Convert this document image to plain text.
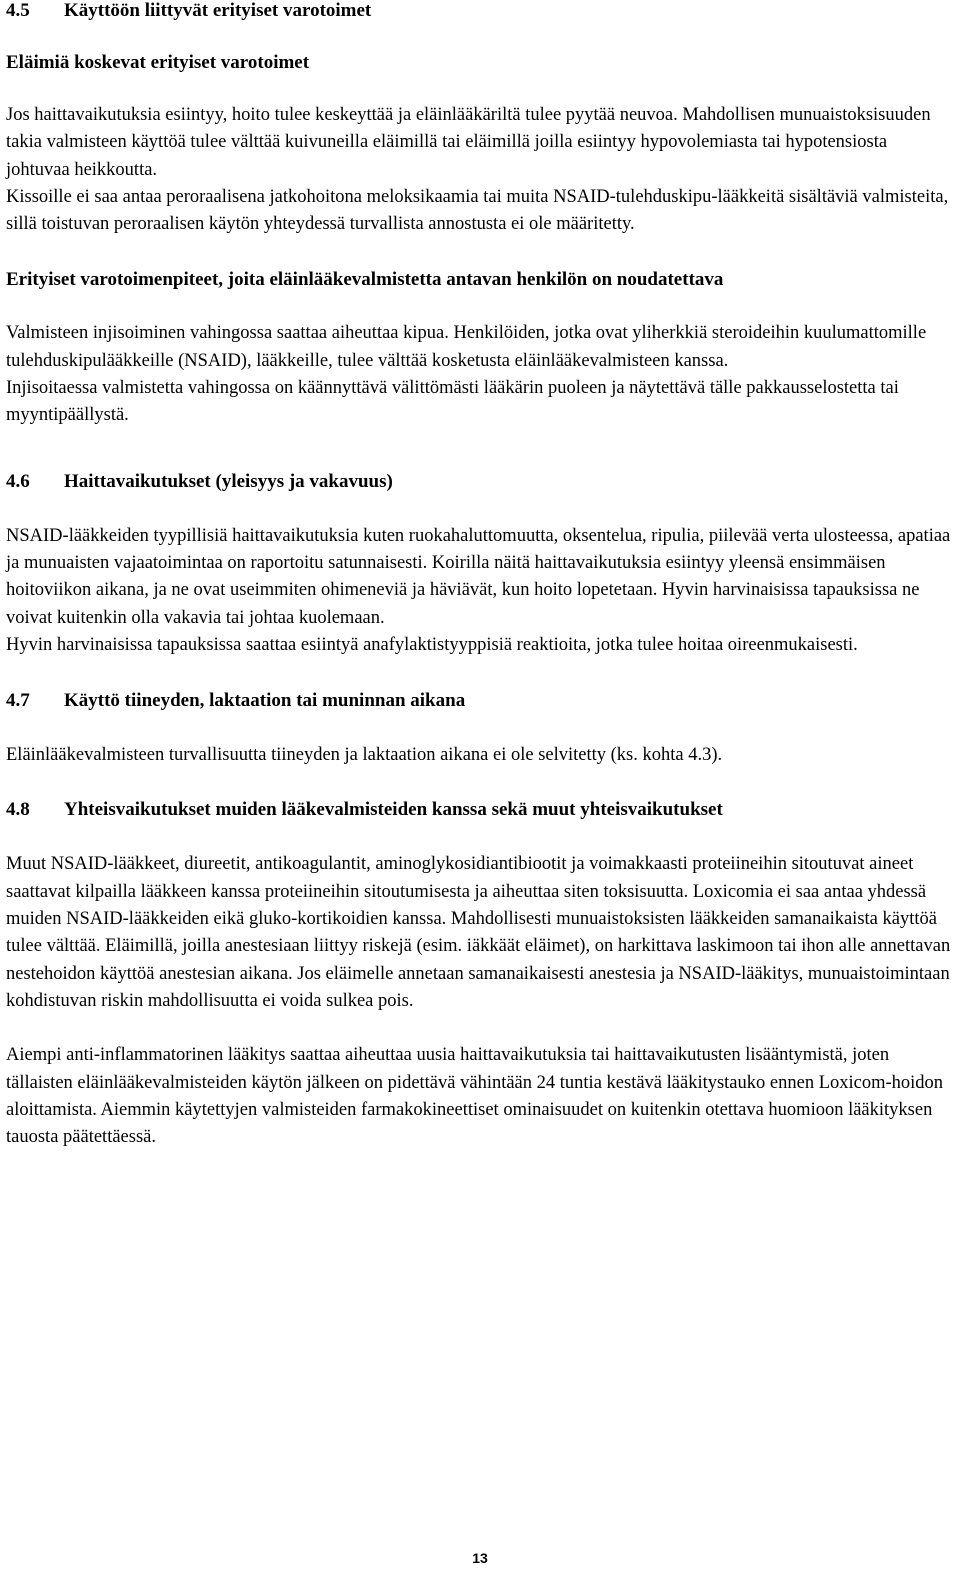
4.5 Käyttöön liittyvät erityiset varotoimet
Eläimiä koskevat erityiset varotoimet

Jos haittavaikutuksia esiintyy, hoito tulee keskeyttää ja eläinlääkäriltä tulee pyytää neuvoa. Mahdollisen munuaistoksisuuden takia valmisteen käyttöä tulee välttää kuivuneilla eläimillä tai eläimillä joilla esiintyy hypovolemiasta tai hypotensiosta johtuvaa heikkoutta.

Kissoille ei saa antaa peroraalisena jatkohoitona meloksikaamia tai muita NSAID-tulehduskipu-lääkkeitä sisältäviä valmisteita, sillä toistuvan peroraalisen käytön yhteydessä turvallista annostusta ei ole määritetty.

Erityiset varotoimenpiteet, joita eläinlääkevalmistetta antavan henkilön on noudatettava

Valmisteen injisoiminen vahingossa saattaa aiheuttaa kipua. Henkilöiden, jotka ovat yliherkkiä steroideihin kuulumattomille tulehduskipulääkkeille (NSAID), lääkkeille, tulee välttää kosketusta eläinlääkevalmisteen kanssa.

Injisoitaessa valmistetta vahingossa on käännyttävä välittömästi lääkärin puoleen ja näytettävä tälle pakkausselostetta tai myyntipäällystä.

4.6 Haittavaikutukset (yleisyys ja vakavuus)

NSAID-lääkkeiden tyypillisiä haittavaikutuksia kuten ruokahaluttomuutta, oksentelua, ripulia, piilevää verta ulosteessa, apatiaa ja munuaisten vajaatoimintaa on raportoitu satunnaisesti. Koirilla näitä haittavaikutuksia esiintyy yleensä ensimmäisen hoitoviikon aikana, ja ne ovat useimmiten ohimeneviä ja häviävät, kun hoito lopetetaan. Hyvin harvinaisissa tapauksissa ne voivat kuitenkin olla vakavia tai johtaa kuolemaan.

Hyvin harvinaisissa tapauksissa saattaa esiintyä anafylaktistyyppisiä reaktioita, jotka tulee hoitaa oireenmukaisesti.

4.7 Käyttö tiineyden, laktaation tai muninnan aikana

Eläinlääkevalmisteen turvallisuutta tiineyden ja laktaation aikana ei ole selvitetty (ks. kohta 4.3).

4.8 Yhteisvaikutukset muiden lääkevalmisteiden kanssa sekä muut yhteisvaikutukset

Muut NSAID-lääkkeet, diureetit, antikoagulantit, aminoglykosidiantibiootit ja voimakkaasti proteiineihin sitoutuvat aineet saattavat kilpailla lääkkeen kanssa proteiineihin sitoutumisesta ja aiheuttaa siten toksisuutta. Loxicomia ei saa antaa yhdessä muiden NSAID-lääkkeiden eikä gluko-kortikoidien kanssa. Mahdollisesti munuaistoksisten lääkkeiden samanaikaista käyttöä tulee välttää. Eläimillä, joilla anestesiaan liittyy riskejä (esim. iäkkäät eläimet), on harkittava laskimoon tai ihon alle annettavan nestehoidon käyttöä anestesian aikana. Jos eläimelle annetaan samanaikaisesti anestesia ja NSAID-lääkitys, munuaistoimintaan kohdistuvan riskin mahdollisuutta ei voida sulkea pois.

Aiempi anti-inflammatorinen lääkitys saattaa aiheuttaa uusia haittavaikutuksia tai haittavaikutusten lisääntymistä, joten tällaisten eläinlääkevalmisteiden käytön jälkeen on pidettävä vähintään 24 tuntia kestävä lääkitystauko ennen Loxicom-hoidon aloittamista. Aiemmin käytettyjen valmisteiden farmakokineettiset ominaisuudet on kuitenkin otettava huomioon lääkityksen tauosta päätettäessä.

13
